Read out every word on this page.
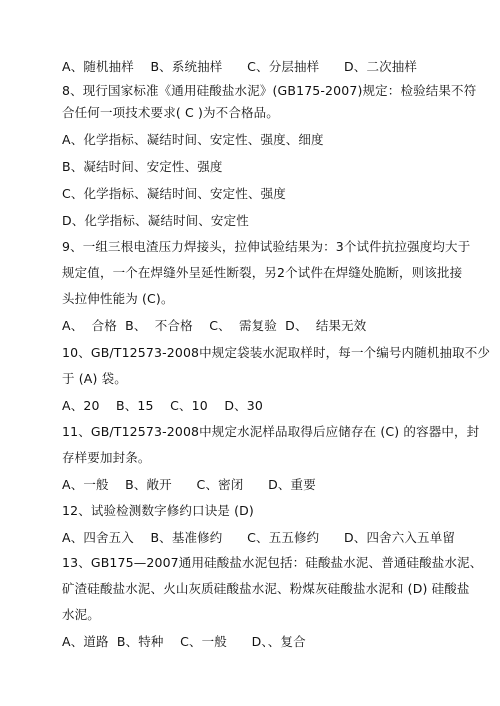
A、随机抽样    B、系统抽样      C、分层抽样      D、二次抽样
8、现行国家标准《通用硅酸盐水泥》(GB175-2007)规定：检验结果不符
合任何一项技术要求( C )为不合格品。
A、化学指标、凝结时间、安定性、强度、细度
B、凝结时间、安定性、强度
C、化学指标、凝结时间、安定性、强度
D、化学指标、凝结时间、安定性
9、一组三根电渣压力焊接头，拉伸试验结果为：3个试件抗拉强度均大于
规定值，一个在焊缝外呈延性断裂，另2个试件在焊缝处脆断，则该批接
头拉伸性能为 (C)。
A、  合格  B、  不合格    C、  需复验  D、  结果无效
10、GB/T12573-2008中规定袋装水泥取样时，每一个编号内随机抽取不少
于 (A) 袋。
A、20    B、15    C、10    D、30
11、GB/T12573-2008中规定水泥样品取得后应储存在 (C) 的容器中，封
存样要加封条。
A、一般    B、敞开      C、密闭      D、重要
12、试验检测数字修约口诀是 (D)
A、四舍五入    B、基准修约      C、五五修约      D、四舍六入五单留
13、GB175—2007通用硅酸盐水泥包括：硅酸盐水泥、普通硅酸盐水泥、
矿渣硅酸盐水泥、火山灰质硅酸盐水泥、粉煤灰硅酸盐水泥和 (D) 硅酸盐
水泥。
A、道路  B、特种    C、一般      D、、复合
